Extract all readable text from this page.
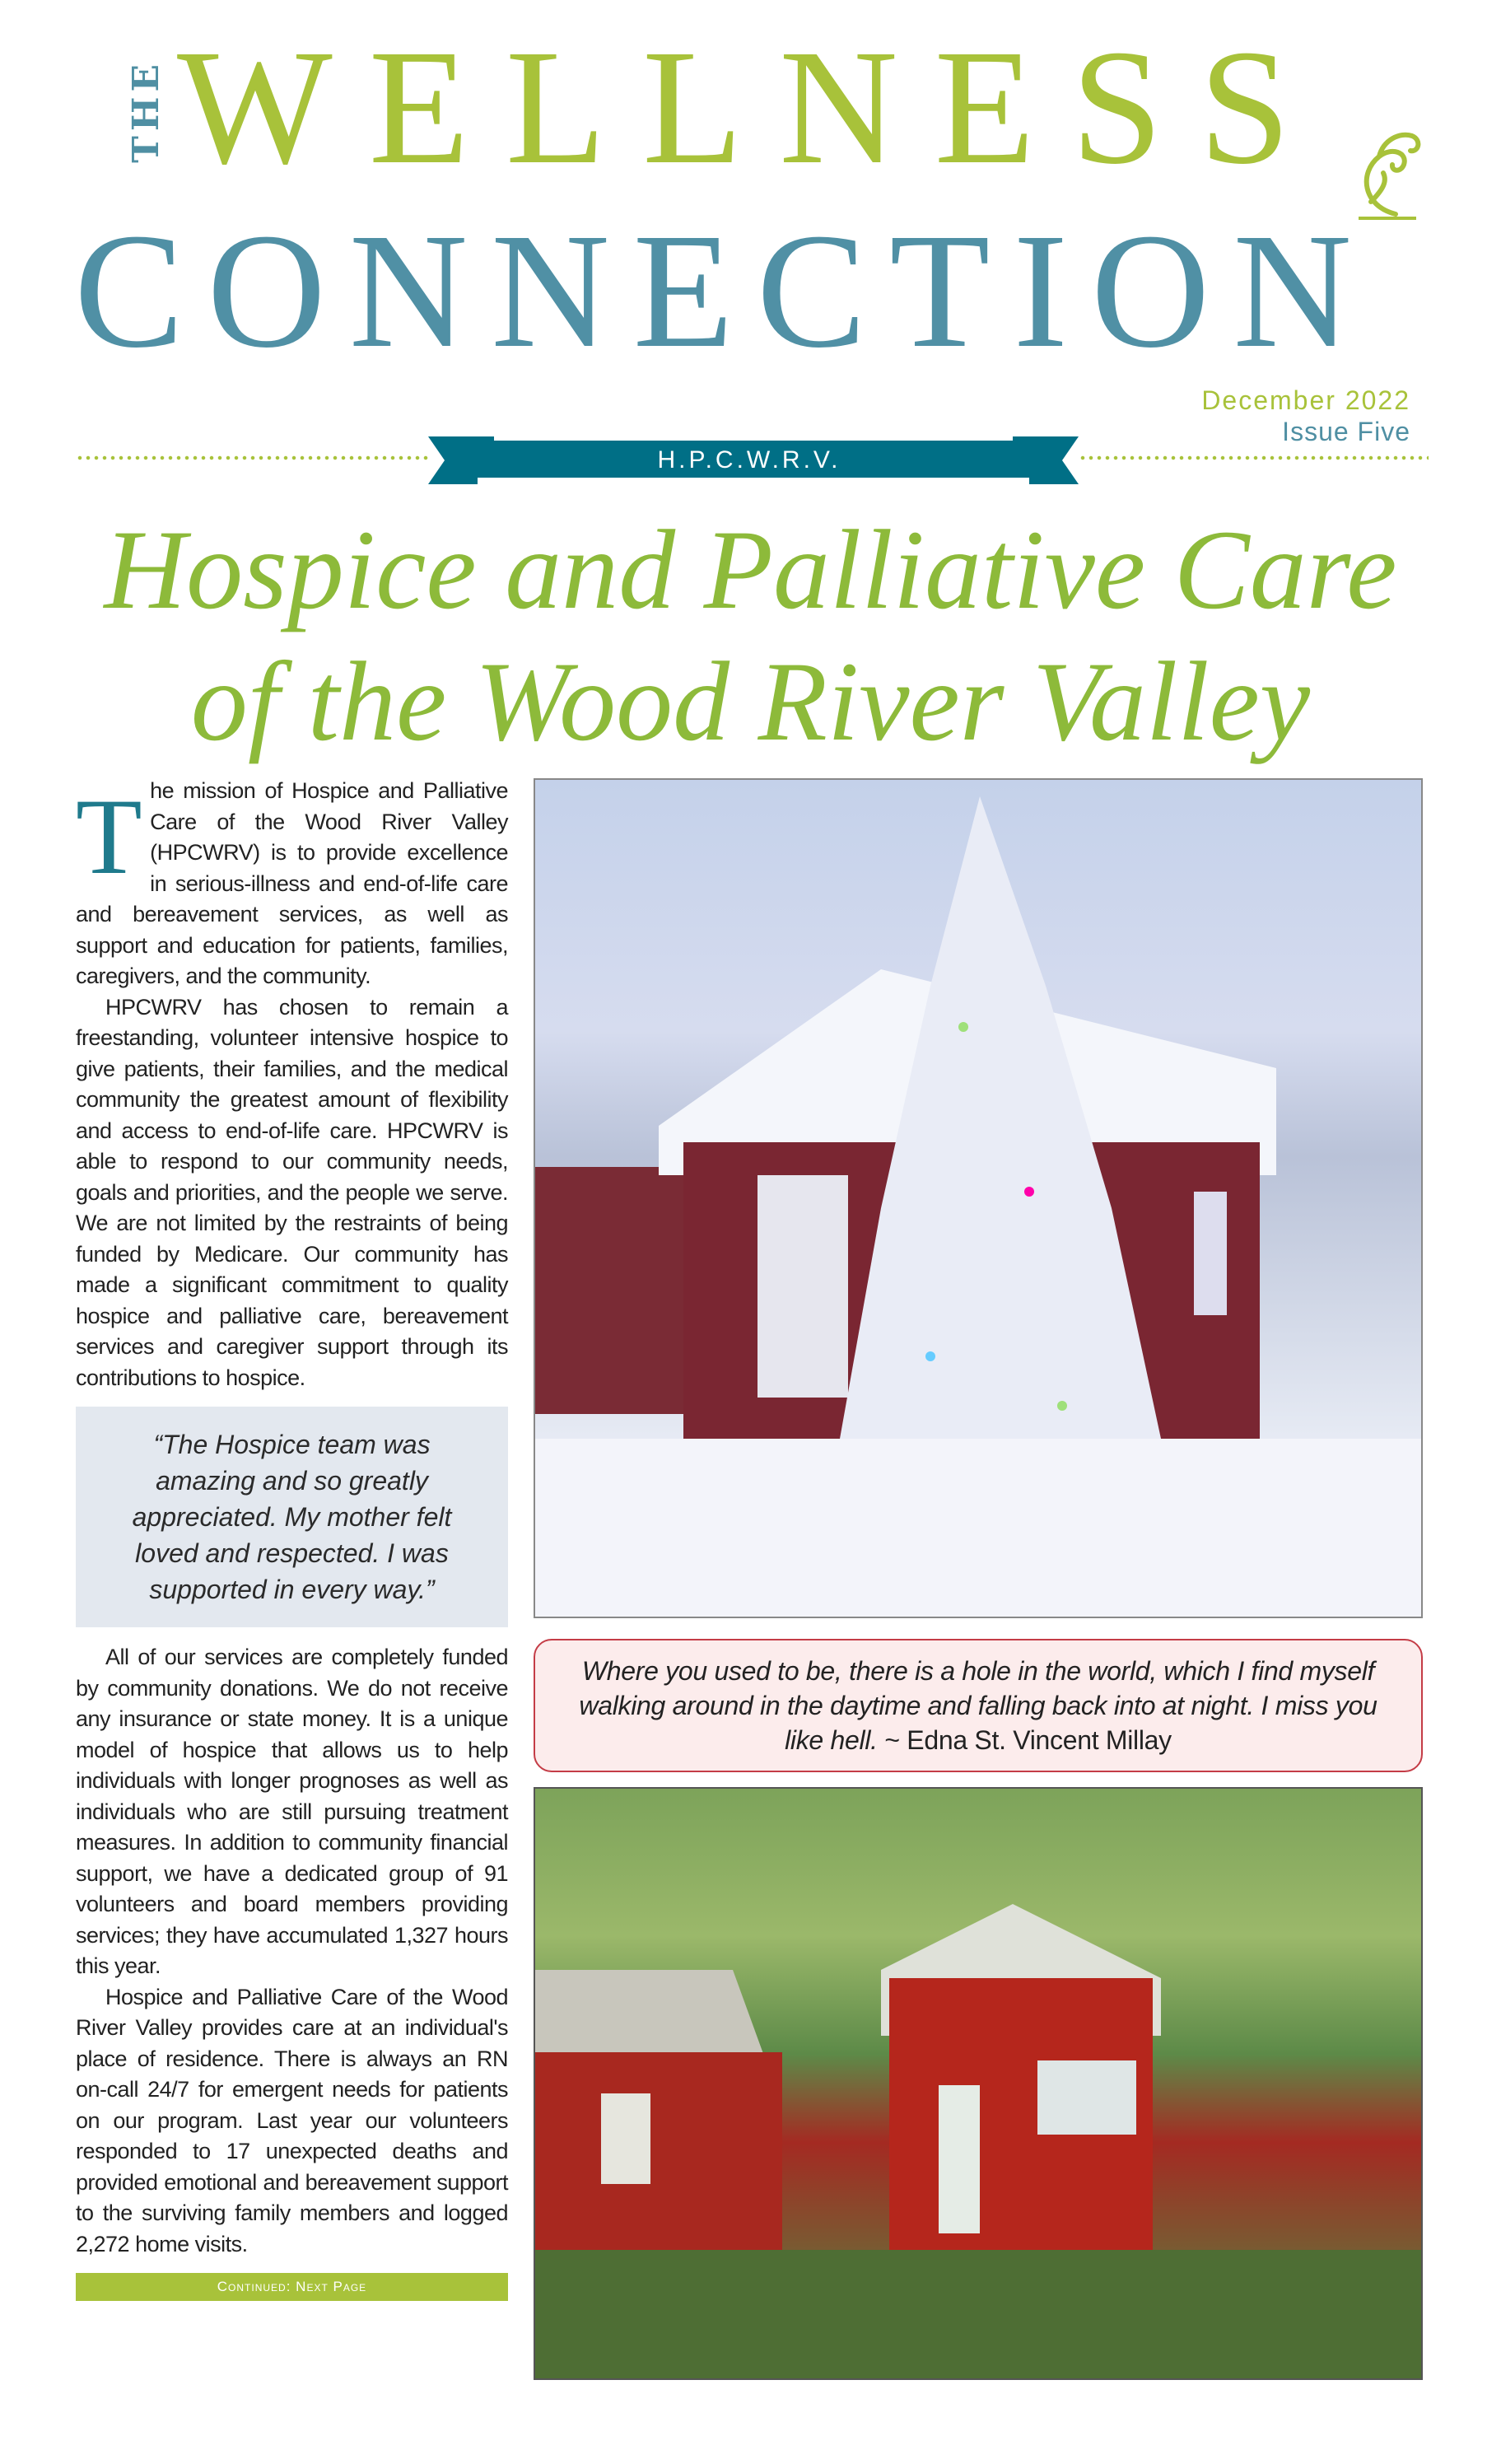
THE WELLNESS
CONNECTION
December 2022
Issue Five
H.P.C.W.R.V.
Hospice and Palliative Care
of the Wood River Valley
T he mission of Hospice and Palliative Care of the Wood River Valley (HPCWRV) is to provide excellence in serious-illness and end-of-life care and bereavement services, as well as support and education for patients, families, caregivers, and the community.

HPCWRV has chosen to remain a freestanding, volunteer intensive hospice to give patients, their families, and the medical community the greatest amount of flexibility and access to end-of-life care. HPCWRV is able to respond to our community needs, goals and priorities, and the people we serve. We are not limited by the restraints of being funded by Medicare. Our community has made a significant commitment to quality hospice and palliative care, bereavement services and caregiver support through its contributions to hospice.

“The Hospice team was amazing and so greatly appreciated. My mother felt loved and respected. I was supported in every way.”

All of our services are completely funded by community donations. We do not receive any insurance or state money. It is a unique model of hospice that allows us to help individuals with longer prognoses as well as individuals who are still pursuing treatment measures. In addition to community financial support, we have a dedicated group of 91 volunteers and board members providing services; they have accumulated 1,327 hours this year.

Hospice and Palliative Care of the Wood River Valley provides care at an individual's place of residence. There is always an RN on-call 24/7 for emergent needs for patients on our program. Last year our volunteers responded to 17 unexpected deaths and provided emotional and bereavement support to the surviving family members and logged 2,272 home visits.

Continued: Next Page
Where you used to be, there is a hole in the world, which I find myself walking around in the daytime and falling back into at night. I miss you like hell. ~ Edna St. Vincent Millay
